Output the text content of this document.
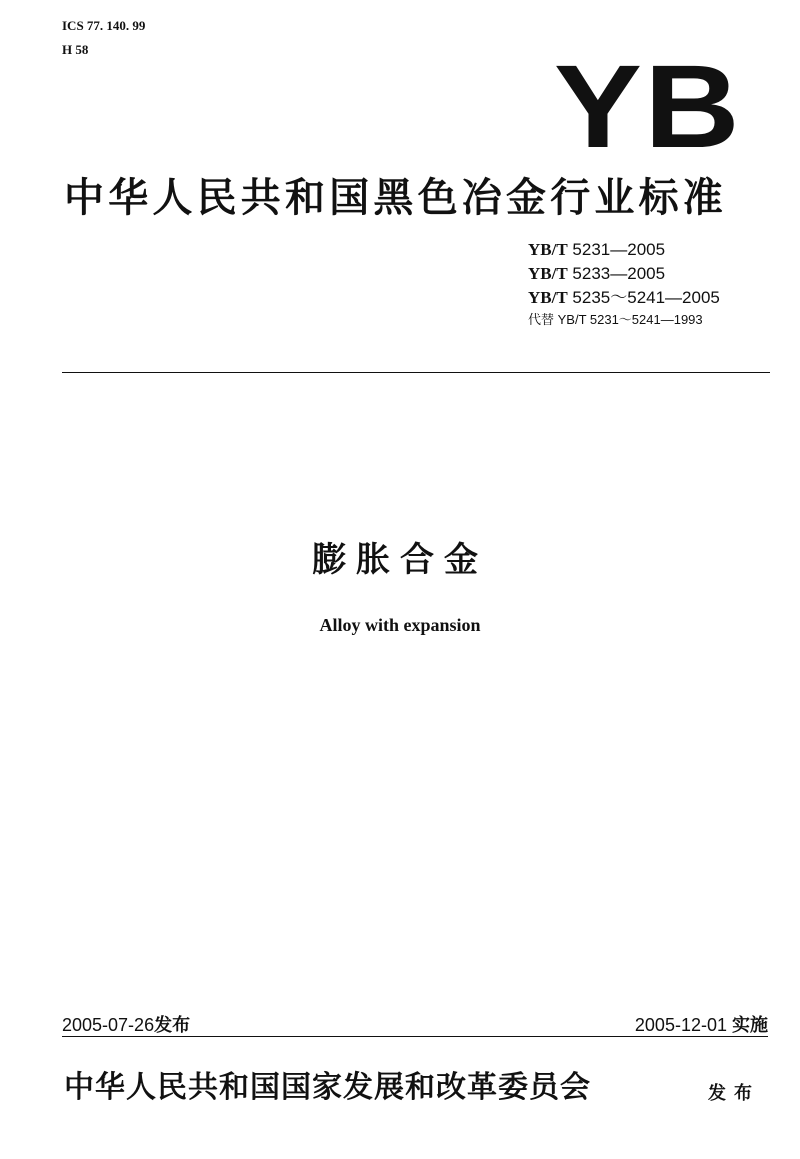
ICS 77. 140. 99
H 58	YB
中华人民共和国黑色冶金行业标准
YB/T 5231—2005
YB/T 5233—2005
YB/T 5235～5241—2005
代替 YB/T 5231～5241—1993
膨胀合金
Alloy with expansion
2005-07-26发布	2005-12-01 实施
中华人民共和国国家发展和改革委员会	发布
